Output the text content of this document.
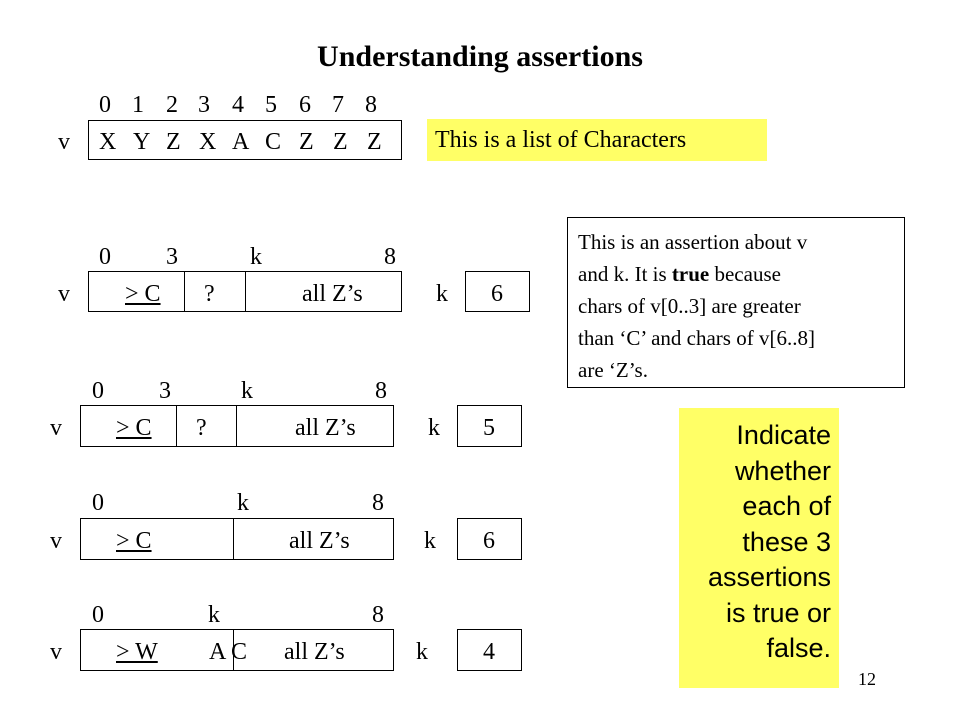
Understanding assertions
0 1 2 3 4 5 6 7 8
v X Y Z X A C Z Z Z	This is a list of Characters

This is an assertion about v

and k. It is true because

chars of v[0..3] are greater

than ‘C’ and chars of v[6..8]

are ‘Z’s.

0 3	k	8
v > C ?	all Z’s	k 6
0 3	k	8
v > C ?	all Z’s	k 5
0	k	8
v > C	all Z’s	k 6
0	k	8
v > W A C all Z’s	k 4

Indicate

whether

each of

these 3

assertions

is true or

false.

12
